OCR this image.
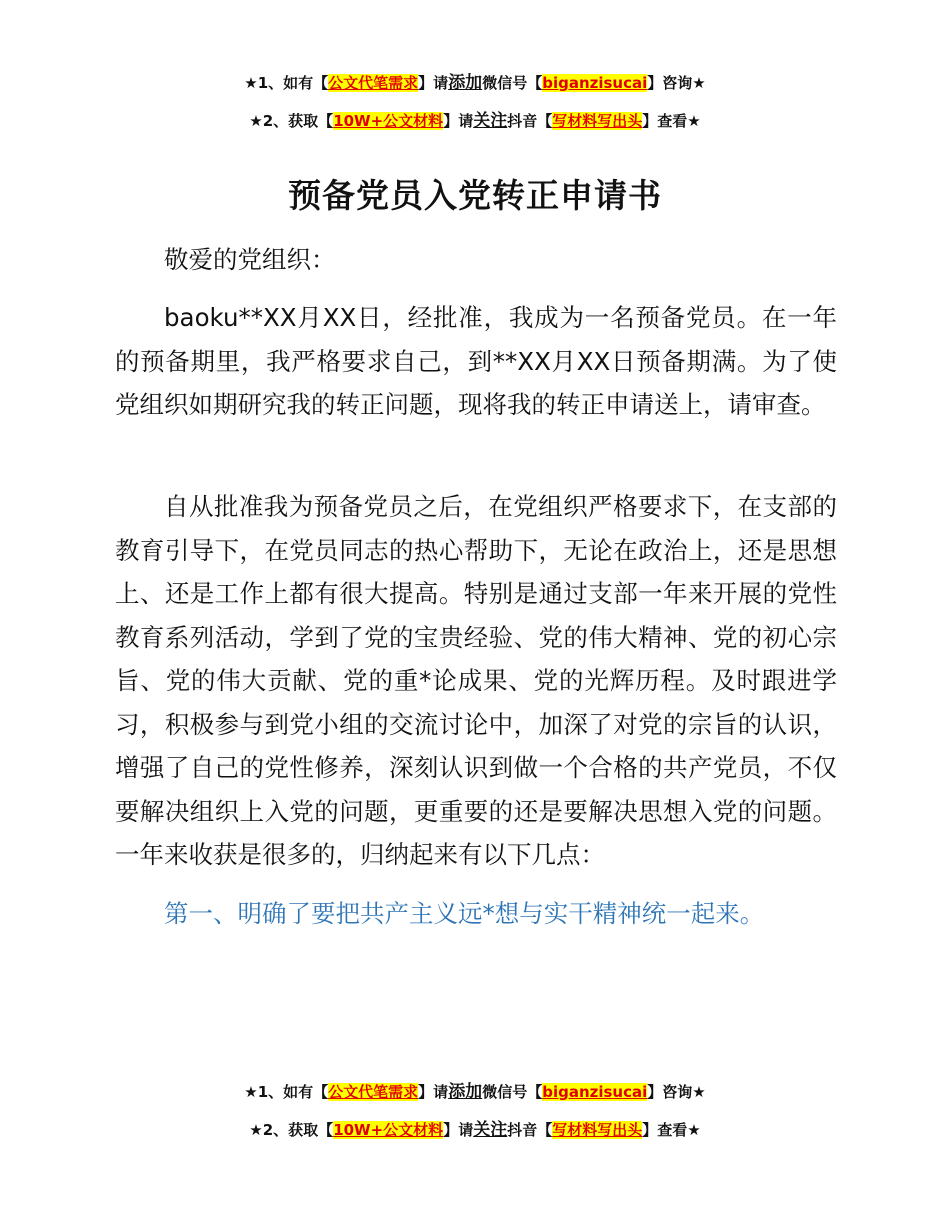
★1、如有【公文代笔需求】请添加微信号【biganzisucai】咨询★
★2、获取【10W+公文材料】请关注抖音【写材料写出头】查看★
预备党员入党转正申请书
敬爱的党组织：

baoku**XX月XX日，经批准，我成为一名预备党员。在一年的预备期里，我严格要求自己，到**XX月XX日预备期满。为了使党组织如期研究我的转正问题，现将我的转正申请送上，请审查。

自从批准我为预备党员之后，在党组织严格要求下，在支部的教育引导下，在党员同志的热心帮助下，无论在政治上，还是思想上、还是工作上都有很大提高。特别是通过支部一年来开展的党性教育系列活动，学到了党的宝贵经验、党的伟大精神、党的初心宗旨、党的伟大贡献、党的重*论成果、党的光辉历程。及时跟进学习，积极参与到党小组的交流讨论中，加深了对党的宗旨的认识，增强了自己的党性修养，深刻认识到做一个合格的共产党员，不仅要解决组织上入党的问题，更重要的还是要解决思想入党的问题。一年来收获是很多的，归纳起来有以下几点：

第一、明确了要把共产主义远*想与实干精神统一起来。
★1、如有【公文代笔需求】请添加微信号【biganzisucai】咨询★
★2、获取【10W+公文材料】请关注抖音【写材料写出头】查看★
